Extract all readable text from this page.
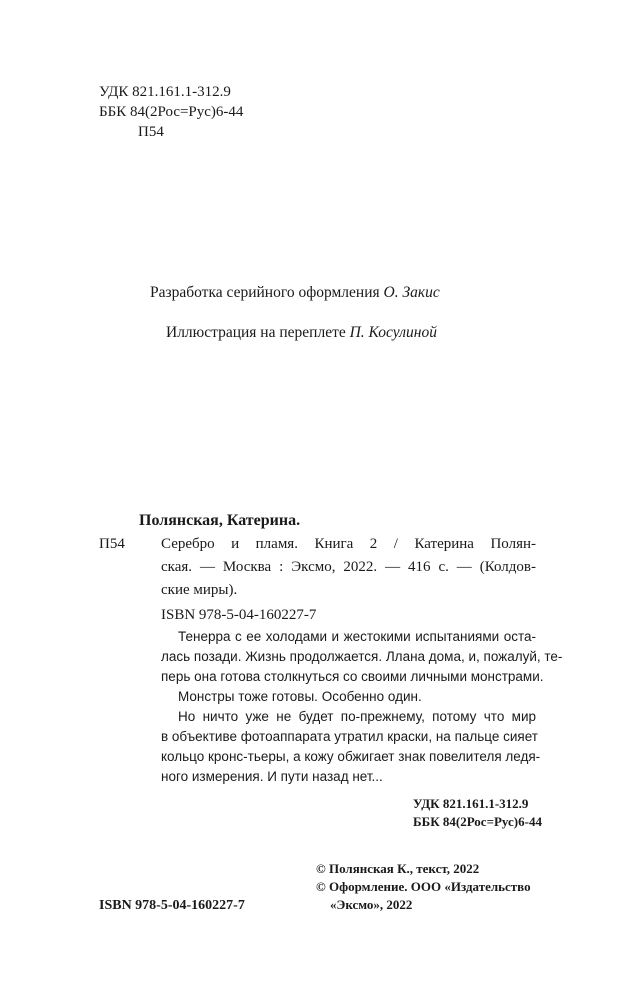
УДК 821.161.1-312.9
ББК 84(2Рос=Рус)6-44
П54
Разработка серийного оформления О. Закис
Иллюстрация на переплете П. Косулиной
Полянская, Катерина.
П54 Серебро и пламя. Книга 2 / Катерина Полян-
ская. — Москва : Эксмо, 2022. — 416 с. — (Колдов-
ские миры).
ISBN 978-5-04-160227-7
Тенерра с ее холодами и жестокими испытаниями оста-
лась позади. Жизнь продолжается. Ллана дома, и, пожалуй, те-
перь она готова столкнуться со своими личными монстрами.
Монстры тоже готовы. Особенно один.
Но ничто уже не будет по-прежнему, потому что мир
в объективе фотоаппарата утратил краски, на пальце сияет
кольцо кронс-тьеры, а кожу обжигает знак повелителя ледя-
ного измерения. И пути назад нет...
УДК 821.161.1-312.9
ББК 84(2Рос=Рус)6-44
© Полянская К., текст, 2022
© Оформление. ООО «Издательство
«Эксмо», 2022
ISBN 978-5-04-160227-7
